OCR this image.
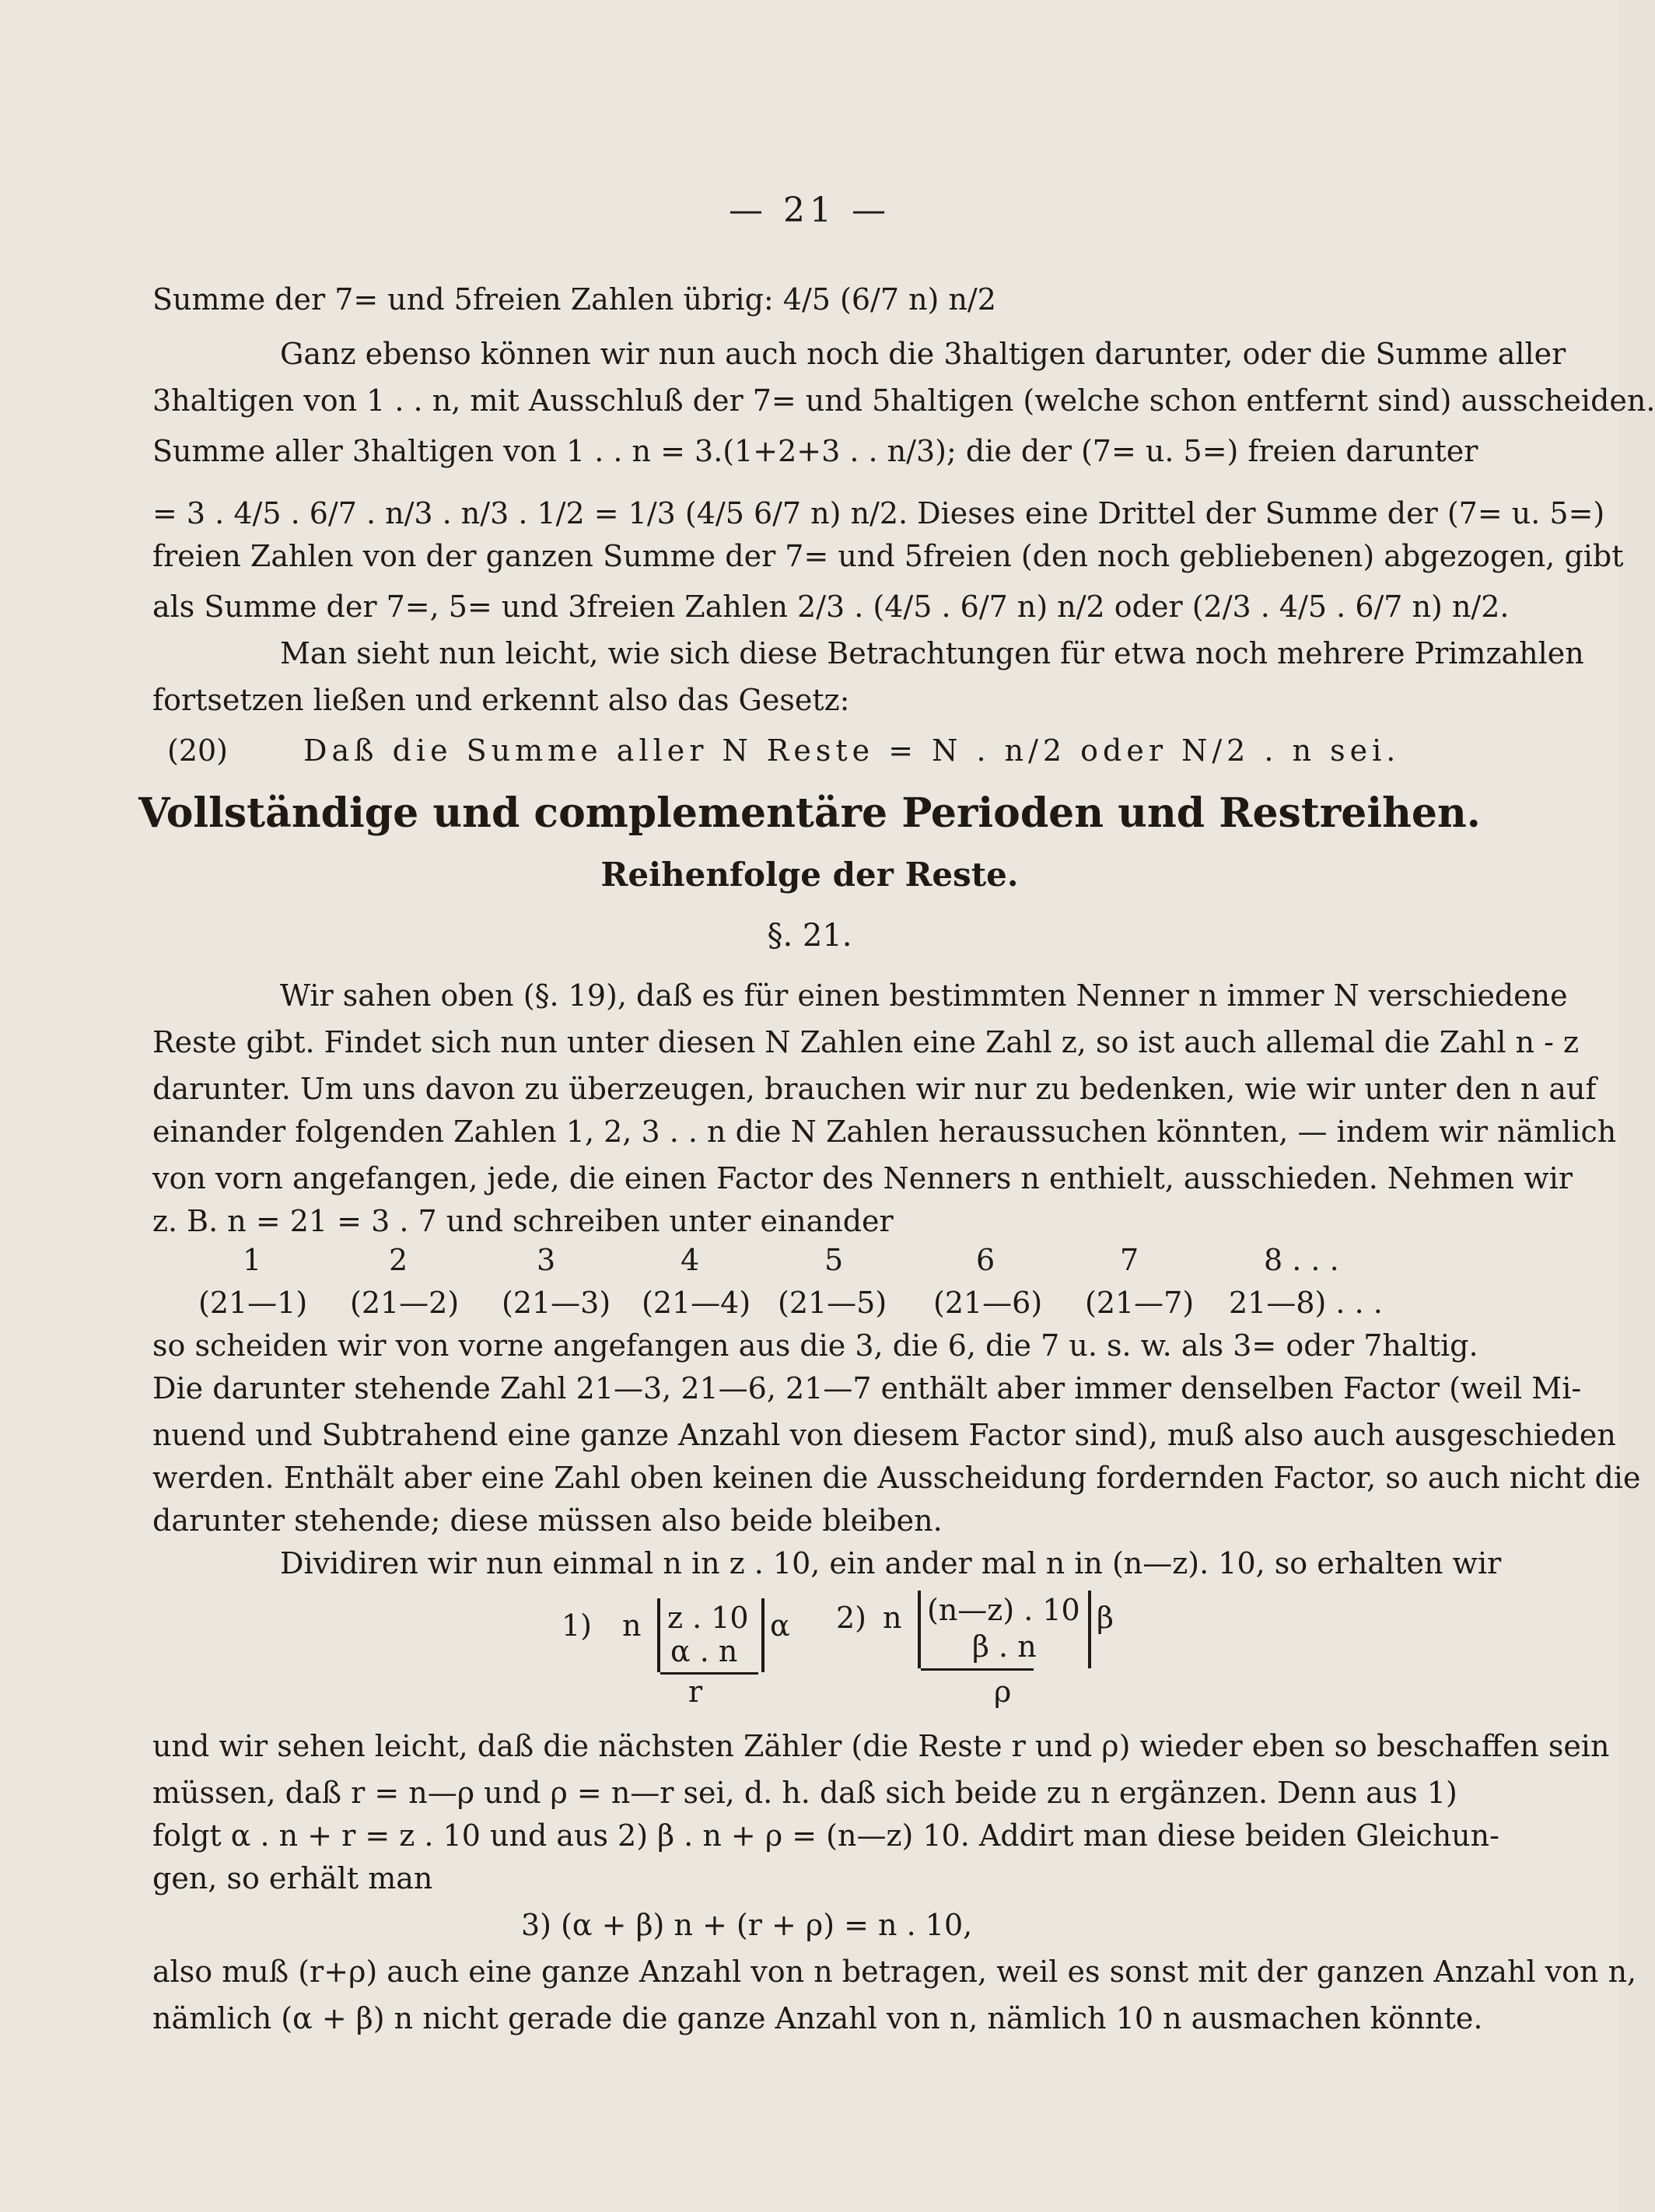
— 21 —
Summe der 7= und 5freien Zahlen übrig: 4/5 (6/7 n) n/2
Ganz ebenso können wir nun auch noch die 3haltigen darunter, oder die Summe aller
3haltigen von 1 . . n, mit Ausschluß der 7= und 5haltigen (welche schon entfernt sind) ausscheiden.
Summe aller 3haltigen von 1 . . n = 3.(1+2+3 . . n/3); die der (7= u. 5=) freien darunter
= 3 . 4/5 . 6/7 . n/3 . n/3 . 1/2 = 1/3 (4/5 6/7 n) n/2. Dieses eine Drittel der Summe der (7= u. 5=)
freien Zahlen von der ganzen Summe der 7= und 5freien (den noch gebliebenen) abgezogen, gibt
als Summe der 7=, 5= und 3freien Zahlen 2/3 . (4/5 . 6/7 n) n/2 oder (2/3 . 4/5 . 6/7 n) n/2.
Man sieht nun leicht, wie sich diese Betrachtungen für etwa noch mehrere Primzahlen
fortsetzen ließen und erkennt also das Gesetz:
(20)	Daß die Summe aller N Reste = N . n/2 oder N/2 . n sei.
Vollständige und complementäre Perioden und Restreihen.
Reihenfolge der Reste.
§. 21.
Wir sahen oben (§. 19), daß es für einen bestimmten Nenner n immer N verschiedene
Reste gibt. Findet sich nun unter diesen N Zahlen eine Zahl z, so ist auch allemal die Zahl n - z
darunter. Um uns davon zu überzeugen, brauchen wir nur zu bedenken, wie wir unter den n auf
einander folgenden Zahlen 1, 2, 3 . . n die N Zahlen heraussuchen könnten, — indem wir nämlich
von vorn angefangen, jede, die einen Factor des Nenners n enthielt, ausschieden. Nehmen wir
z. B. n = 21 = 3 . 7 und schreiben unter einander
1	2	3	4	5	6	7	8 . . .
(21—1) (21—2) (21—3) (21—4) (21—5) (21—6) (21—7) 21—8) . . .
so scheiden wir von vorne angefangen aus die 3, die 6, die 7 u. s. w. als 3= oder 7haltig.
Die darunter stehende Zahl 21—3, 21—6, 21—7 enthält aber immer denselben Factor (weil Mi-
nuend und Subtrahend eine ganze Anzahl von diesem Factor sind), muß also auch ausgeschieden
werden. Enthält aber eine Zahl oben keinen die Ausscheidung fordernden Factor, so auch nicht die
darunter stehende; diese müssen also beide bleiben.
Dividiren wir nun einmal n in z . 10, ein ander mal n in (n—z). 10, so erhalten wir
1) n z . 10
α . n
α
r
2) n (n—z) . 10
β . n
β
ρ
und wir sehen leicht, daß die nächsten Zähler (die Reste r und ρ) wieder eben so beschaffen sein
müssen, daß r = n—ρ und ρ = n—r sei, d. h. daß sich beide zu n ergänzen. Denn aus 1)
folgt α . n + r = z . 10 und aus 2) β . n + ρ = (n—z) 10. Addirt man diese beiden Gleichun-
gen, so erhält man
3) (α + β) n + (r + ρ) = n . 10,
also muß (r+ρ) auch eine ganze Anzahl von n betragen, weil es sonst mit der ganzen Anzahl von n,
nämlich (α + β) n nicht gerade die ganze Anzahl von n, nämlich 10 n ausmachen könnte.
